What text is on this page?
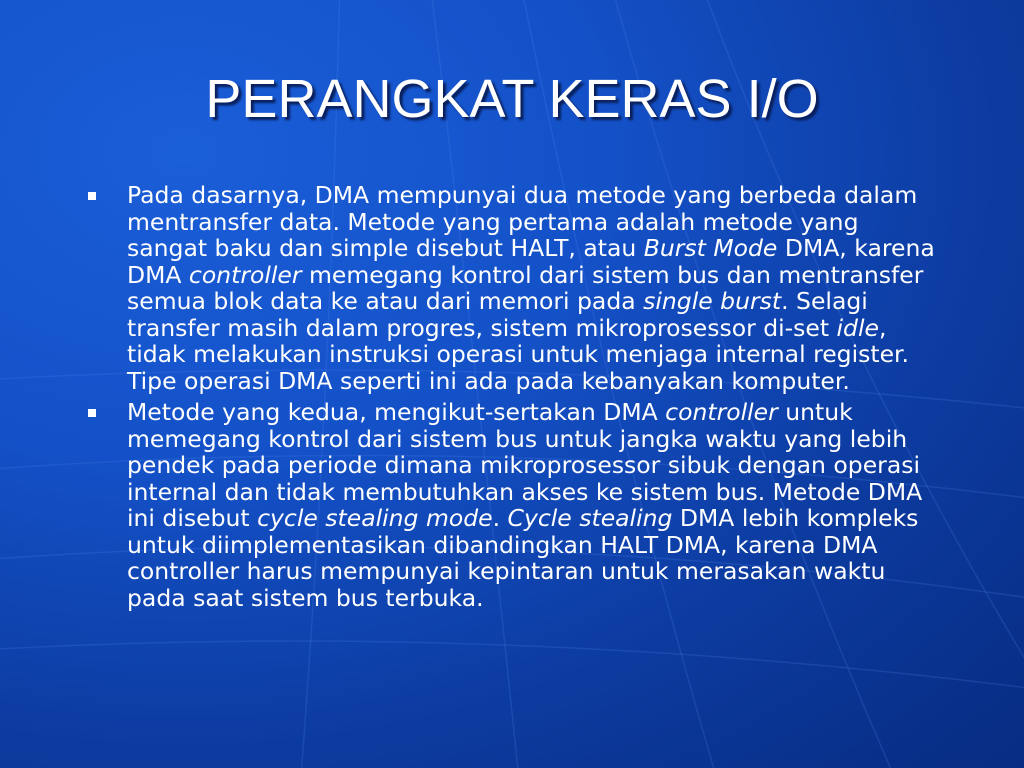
PERANGKAT KERAS I/O
Pada dasarnya, DMA mempunyai dua metode yang berbeda dalam mentransfer data. Metode yang pertama adalah metode yang sangat baku dan simple disebut HALT, atau Burst Mode DMA, karena DMA controller memegang kontrol dari sistem bus dan mentransfer semua blok data ke atau dari memori pada single burst. Selagi transfer masih dalam progres, sistem mikroprosessor di-set idle, tidak melakukan instruksi operasi untuk menjaga internal register. Tipe operasi DMA seperti ini ada pada kebanyakan komputer.
Metode yang kedua, mengikut-sertakan DMA controller untuk memegang kontrol dari sistem bus untuk jangka waktu yang lebih pendek pada periode dimana mikroprosessor sibuk dengan operasi internal dan tidak membutuhkan akses ke sistem bus. Metode DMA ini disebut cycle stealing mode. Cycle stealing DMA lebih kompleks untuk diimplementasikan dibandingkan HALT DMA, karena DMA controller harus mempunyai kepintaran untuk merasakan waktu pada saat sistem bus terbuka.
